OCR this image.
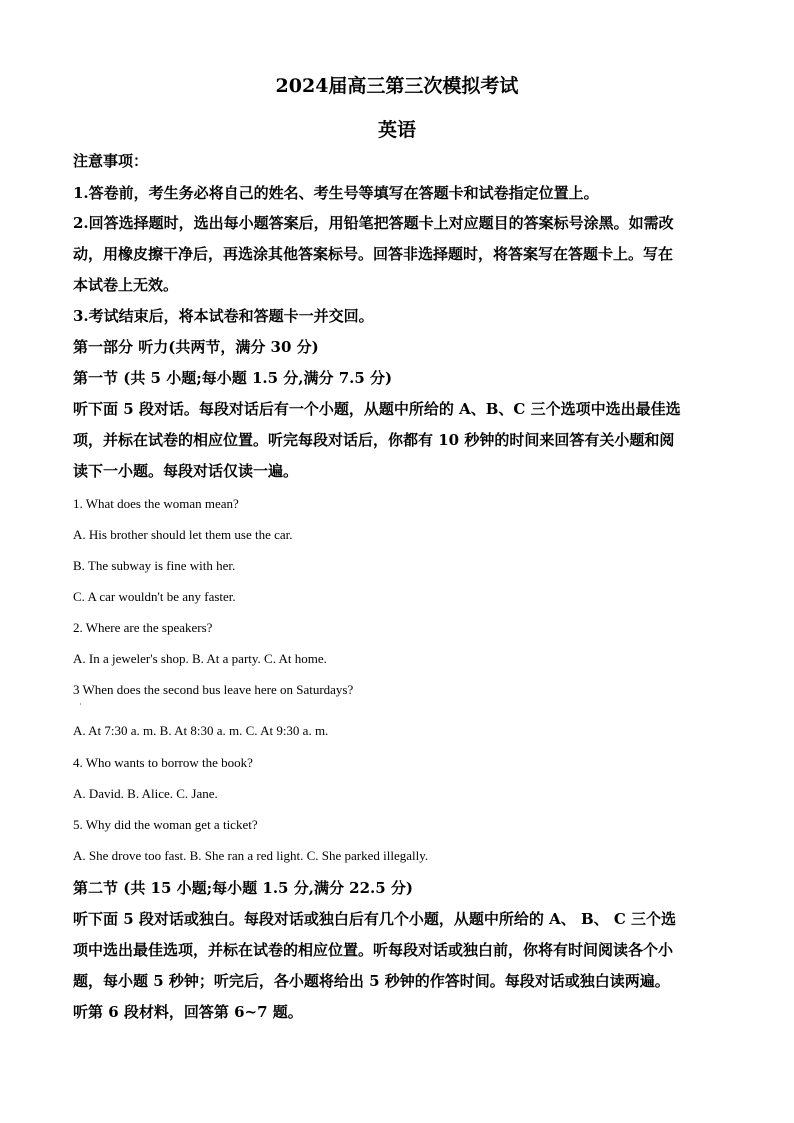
2024届高三第三次模拟考试
英语
注意事项：
1.答卷前，考生务必将自己的姓名、考生号等填写在答题卡和试卷指定位置上。
2.回答选择题时，选出每小题答案后，用铅笔把答题卡上对应题目的答案标号涂黑。如需改
动，用橡皮擦干净后，再选涂其他答案标号。回答非选择题时，将答案写在答题卡上。写在
本试卷上无效。
3.考试结束后，将本试卷和答题卡一并交回。
第一部分 听力(共两节，满分 30 分)
第一节 (共 5 小题;每小题 1.5 分,满分 7.5 分)
听下面 5 段对话。每段对话后有一个小题，从题中所给的 A、B、C 三个选项中选出最佳选
项，并标在试卷的相应位置。听完每段对话后，你都有 10 秒钟的时间来回答有关小题和阅
读下一小题。每段对话仅读一遍。
1. What does the woman mean?
A. His brother should let them use the car.
B. The subway is fine with her.
C. A car wouldn't be any faster.
2. Where are the speakers?
A. In a jeweler's shop. B. At a party. C. At home.
3 When does the second bus leave here on Saturdays?
·
A. At 7:30 a. m. B. At 8:30 a. m. C. At 9:30 a. m.
4. Who wants to borrow the book?
A. David. B. Alice. C. Jane.
5. Why did the woman get a ticket?
A. She drove too fast. B. She ran a red light. C. She parked illegally.
第二节 (共 15 小题;每小题 1.5 分,满分 22.5 分)
听下面 5 段对话或独白。每段对话或独白后有几个小题，从题中所给的 A、 B、 C 三个选
项中选出最佳选项，并标在试卷的相应位置。听每段对话或独白前，你将有时间阅读各个小
题，每小题 5 秒钟；听完后，各小题将给出 5 秒钟的作答时间。每段对话或独白读两遍。
听第 6 段材料，回答第 6~7 题。
